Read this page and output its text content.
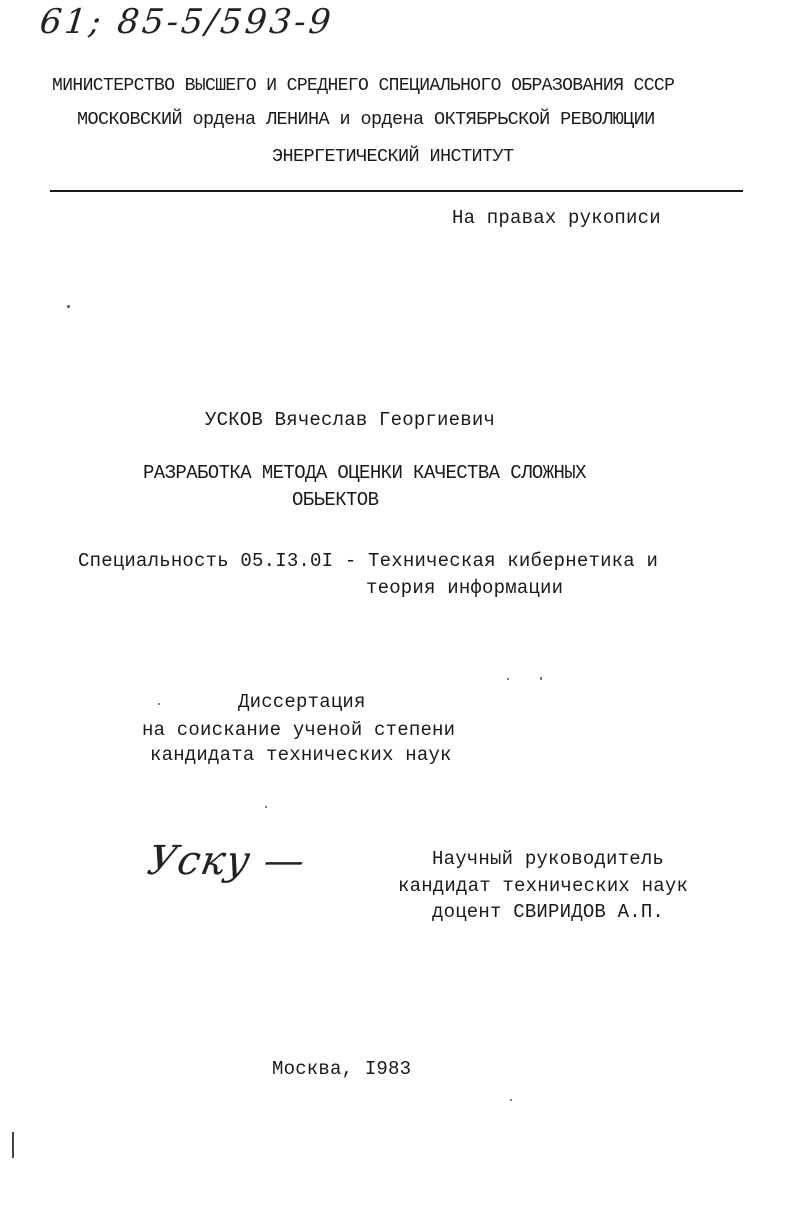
61; 85-5/593-9
МИНИСТЕРСТВО ВЫСШЕГО И СРЕДНЕГО СПЕЦИАЛЬНОГО ОБРАЗОВАНИЯ СССР
МОСКОВСКИЙ ордена ЛЕНИНА и ордена ОКТЯБРЬСКОЙ РЕВОЛЮЦИИ
ЭНЕРГЕТИЧЕСКИЙ ИНСТИТУТ
На правах рукописи
УСКОВ Вячеслав Георгиевич
РАЗРАБОТКА МЕТОДА ОЦЕНКИ КАЧЕСТВА СЛОЖНЫХ
ОБЬЕКТОВ
Специальность 05.I3.0I - Техническая кибернетика и
теория информации
Диссертация
на соискание ученой степени
кандидата технических наук
Уску —	Научный руководитель
кандидат технических наук
доцент СВИРИДОВ А.П.
Москва, I983
